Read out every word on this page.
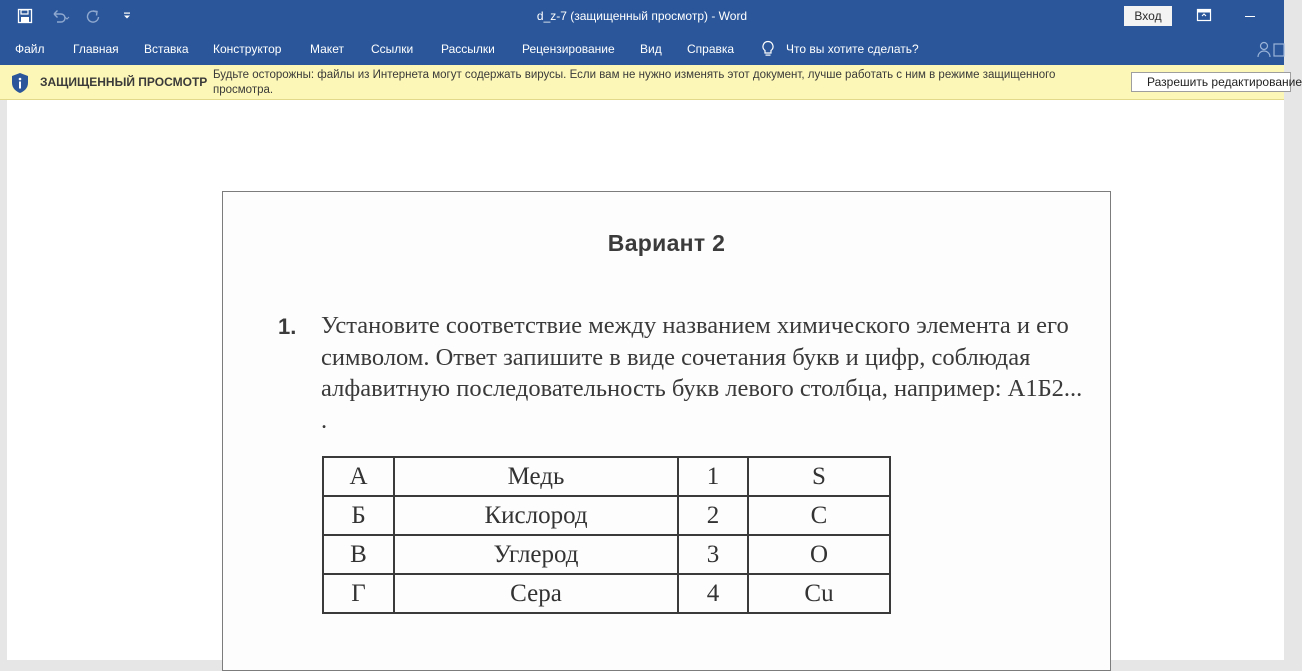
d_z-7 (защищенный просмотр) - Word	Вход
Файл Главная Вставка Конструктор Макет Ссылки Рассылки Рецензирование Вид Справка	Что вы хотите сделать?
ЗАЩИЩЕННЫЙ ПРОСМОТР Будьте осторожны: файлы из Интернета могут содержать вирусы. Если вам не нужно изменять этот документ, лучше работать с ним в режиме защищенного просмотра.
Разрешить редактирование
Вариант 2
1. Установите соответствие между названием химического элемента и его символом. Ответ запишите в виде сочетания букв и цифр, соблюдая алфавитную последовательность букв левого столбца, например: А1Б2... .
А	Медь	1	S
Б	Кислород	2	C
В	Углерод	3	O
Г	Сера	4	Cu
